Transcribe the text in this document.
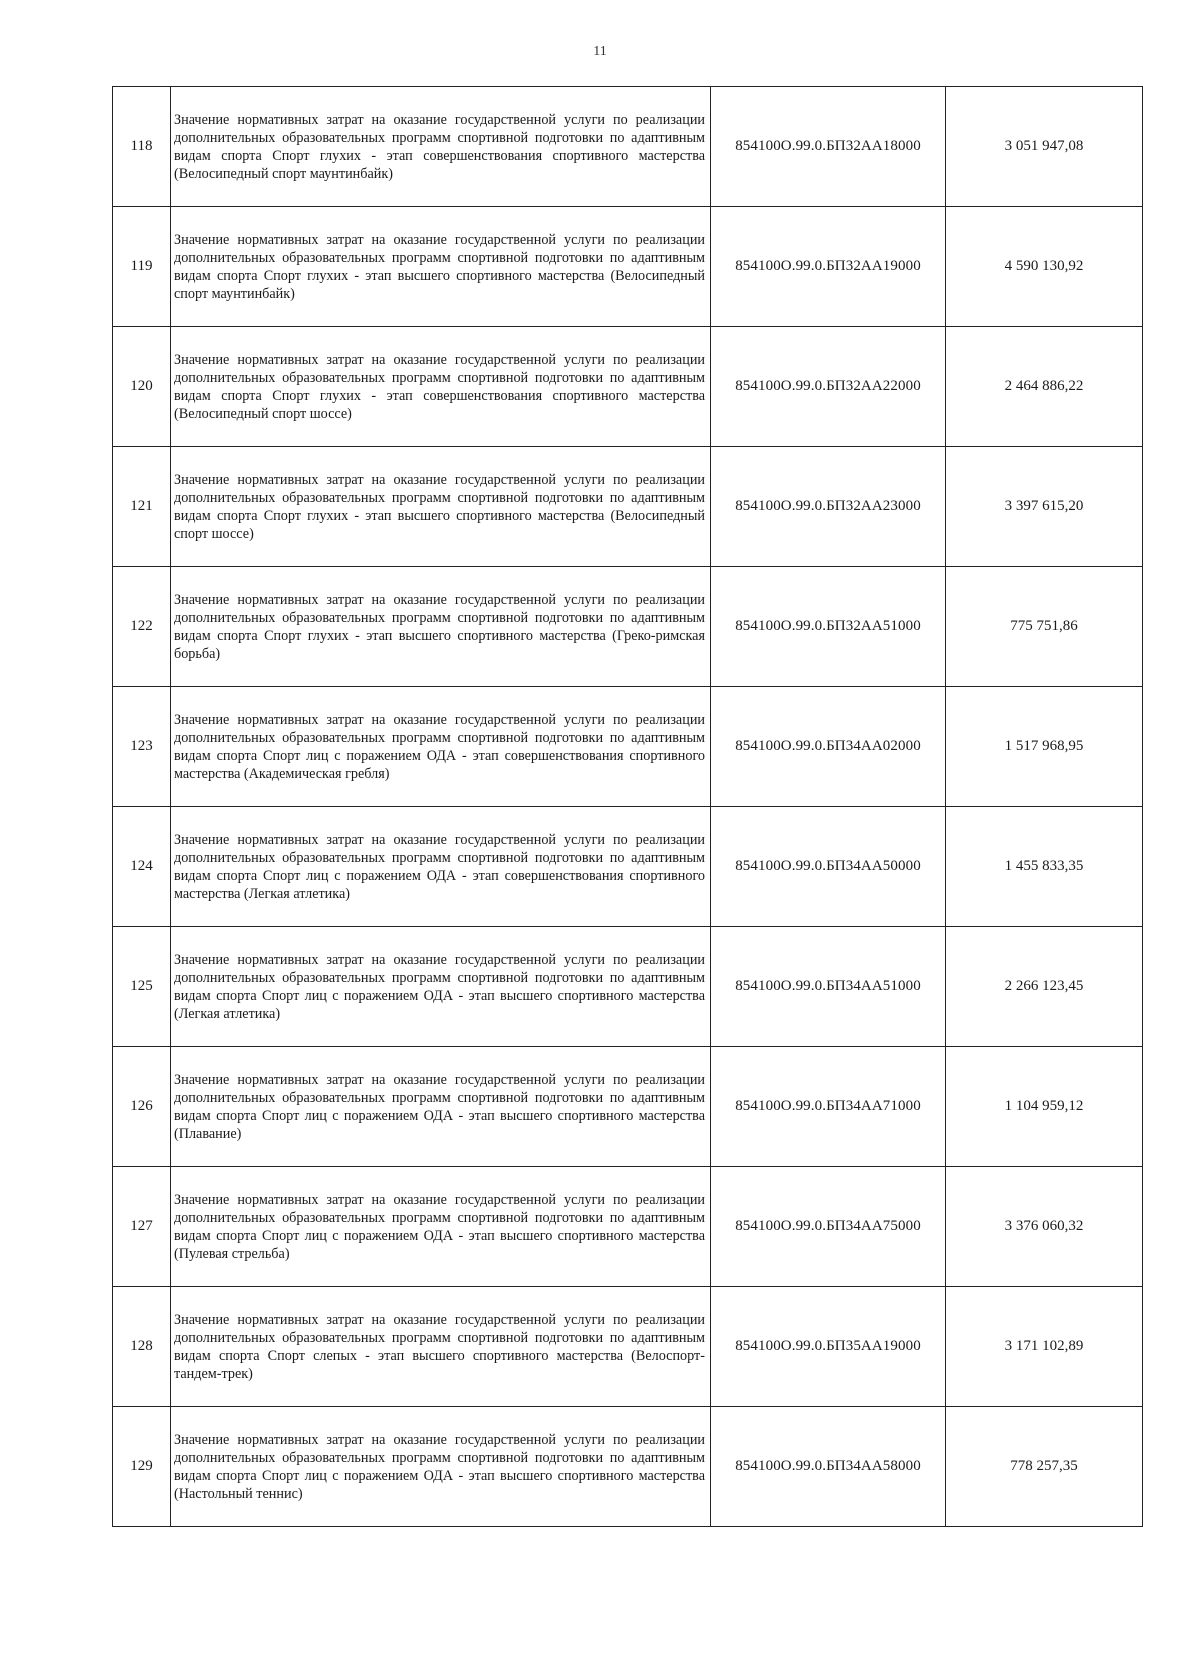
11
118	Значение нормативных затрат на оказание государственной услуги по реализации дополнительных образовательных программ спортивной подготовки по адаптивным видам спорта Спорт глухих - этап совершенствования спортивного мастерства (Велосипедный спорт маунтинбайк)	854100О.99.0.БП32АА18000	3 051 947,08
119	Значение нормативных затрат на оказание государственной услуги по реализации дополнительных образовательных программ спортивной подготовки по адаптивным видам спорта Спорт глухих - этап высшего спортивного мастерства (Велосипедный спорт маунтинбайк)	854100О.99.0.БП32АА19000	4 590 130,92
120	Значение нормативных затрат на оказание государственной услуги по реализации дополнительных образовательных программ спортивной подготовки по адаптивным видам спорта Спорт глухих - этап совершенствования спортивного мастерства (Велосипедный спорт шоссе)	854100О.99.0.БП32АА22000	2 464 886,22
121	Значение нормативных затрат на оказание государственной услуги по реализации дополнительных образовательных программ спортивной подготовки по адаптивным видам спорта Спорт глухих - этап высшего спортивного мастерства (Велосипедный спорт шоссе)	854100О.99.0.БП32АА23000	3 397 615,20
122	Значение нормативных затрат на оказание государственной услуги по реализации дополнительных образовательных программ спортивной подготовки по адаптивным видам спорта Спорт глухих - этап высшего спортивного мастерства (Греко-римская борьба)	854100О.99.0.БП32АА51000	775 751,86
123	Значение нормативных затрат на оказание государственной услуги по реализации дополнительных образовательных программ спортивной подготовки по адаптивным видам спорта Спорт лиц с поражением ОДА - этап совершенствования спортивного мастерства (Академическая гребля)	854100О.99.0.БП34АА02000	1 517 968,95
124	Значение нормативных затрат на оказание государственной услуги по реализации дополнительных образовательных программ спортивной подготовки по адаптивным видам спорта Спорт лиц с поражением ОДА - этап совершенствования спортивного мастерства (Легкая атлетика)	854100О.99.0.БП34АА50000	1 455 833,35
125	Значение нормативных затрат на оказание государственной услуги по реализации дополнительных образовательных программ спортивной подготовки по адаптивным видам спорта Спорт лиц с поражением ОДА - этап высшего спортивного мастерства (Легкая атлетика)	854100О.99.0.БП34АА51000	2 266 123,45
126	Значение нормативных затрат на оказание государственной услуги по реализации дополнительных образовательных программ спортивной подготовки по адаптивным видам спорта Спорт лиц с поражением ОДА - этап высшего спортивного мастерства (Плавание)	854100О.99.0.БП34АА71000	1 104 959,12
127	Значение нормативных затрат на оказание государственной услуги по реализации дополнительных образовательных программ спортивной подготовки по адаптивным видам спорта Спорт лиц с поражением ОДА - этап высшего спортивного мастерства (Пулевая стрельба)	854100О.99.0.БП34АА75000	3 376 060,32
128	Значение нормативных затрат на оказание государственной услуги по реализации дополнительных образовательных программ спортивной подготовки по адаптивным видам спорта Спорт слепых - этап высшего спортивного мастерства (Велоспорт-тандем-трек)	854100О.99.0.БП35АА19000	3 171 102,89
129	Значение нормативных затрат на оказание государственной услуги по реализации дополнительных образовательных программ спортивной подготовки по адаптивным видам спорта Спорт лиц с поражением ОДА - этап высшего спортивного мастерства (Настольный теннис)	854100О.99.0.БП34АА58000	778 257,35
